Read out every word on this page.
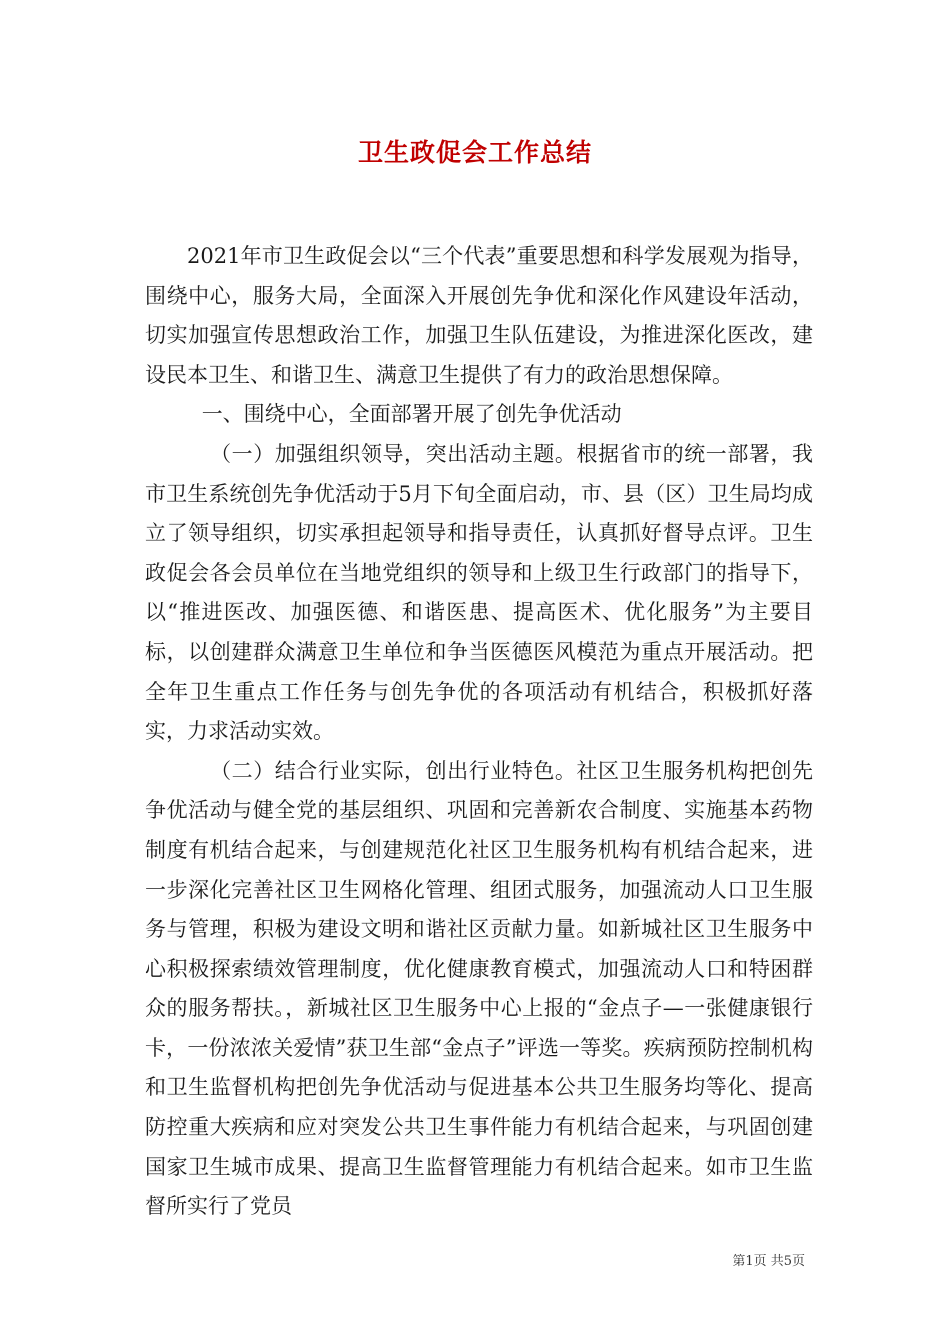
卫生政促会工作总结

2021年市卫生政促会以“三个代表”重要思想和科学发展观为指导，围绕中心，服务大局，全面深入开展创先争优和深化作风建设年活动，切实加强宣传思想政治工作，加强卫生队伍建设，为推进深化医改，建设民本卫生、和谐卫生、满意卫生提供了有力的政治思想保障。

一、围绕中心，全面部署开展了创先争优活动

（一）加强组织领导，突出活动主题。根据省市的统一部署，我市卫生系统创先争优活动于5月下旬全面启动，市、县（区）卫生局均成立了领导组织，切实承担起领导和指导责任，认真抓好督导点评。卫生政促会各会员单位在当地党组织的领导和上级卫生行政部门的指导下，以“推进医改、加强医德、和谐医患、提高医术、优化服务”为主要目标，以创建群众满意卫生单位和争当医德医风模范为重点开展活动。把全年卫生重点工作任务与创先争优的各项活动有机结合，积极抓好落实，力求活动实效。

（二）结合行业实际，创出行业特色。社区卫生服务机构把创先争优活动与健全党的基层组织、巩固和完善新农合制度、实施基本药物制度有机结合起来，与创建规范化社区卫生服务机构有机结合起来，进一步深化完善社区卫生网格化管理、组团式服务，加强流动人口卫生服务与管理，积极为建设文明和谐社区贡献力量。如新城社区卫生服务中心积极探索绩效管理制度，优化健康教育模式，加强流动人口和特困群众的服务帮扶。，新城社区卫生服务中心上报的“金点子—一张健康银行卡，一份浓浓关爱情”获卫生部“金点子”评选一等奖。疾病预防控制机构和卫生监督机构把创先争优活动与促进基本公共卫生服务均等化、提高防控重大疾病和应对突发公共卫生事件能力有机结合起来，与巩固创建国家卫生城市成果、提高卫生监督管理能力有机结合起来。如市卫生监督所实行了党员

第1页 共5页
